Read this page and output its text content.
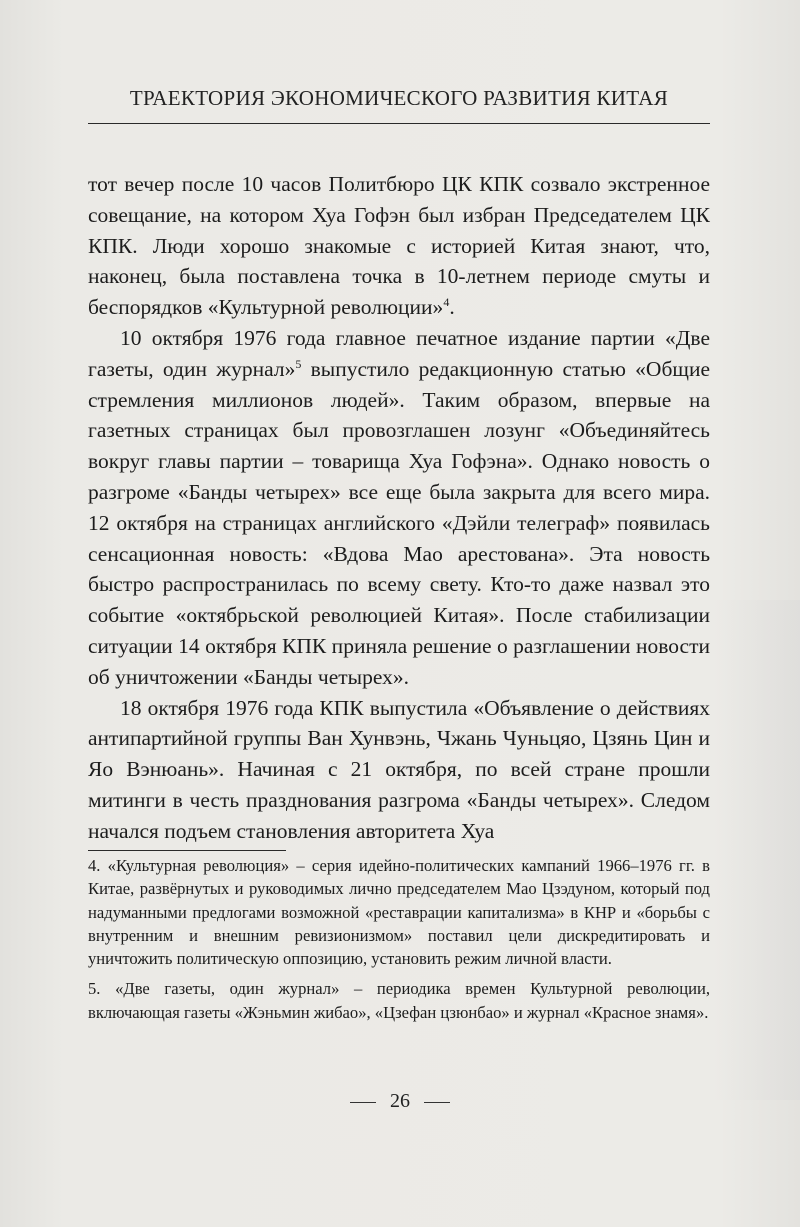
ТРАЕКТОРИЯ ЭКОНОМИЧЕСКОГО РАЗВИТИЯ КИТАЯ

тот вечер после 10 часов Политбюро ЦК КПК созвало экстренное совещание, на котором Хуа Гофэн был избран Председателем ЦК КПК. Люди хорошо знакомые с историей Китая знают, что, наконец, была поставлена точка в 10-летнем периоде смуты и беспорядков «Культурной революции»$^4$.

10 октября 1976 года главное печатное издание партии «Две газеты, один журнал»$^5$ выпустило редакционную статью «Общие стремления миллионов людей». Таким образом, впервые на газетных страницах был провозглашен лозунг «Объединяйтесь вокруг главы партии – товарища Хуа Гофэна». Однако новость о разгроме «Банды четырех» все еще была закрыта для всего мира. 12 октября на страницах английского «Дэйли телеграф» появилась сенсационная новость: «Вдова Мао арестована». Эта новость быстро распространилась по всему свету. Кто-то даже назвал это событие «октябрьской революцией Китая». После стабилизации ситуации 14 октября КПК приняла решение о разглашении новости об уничтожении «Банды четырех».

18 октября 1976 года КПК выпустила «Объявление о действиях антипартийной группы Ван Хунвэнь, Чжань Чуньцяо, Цзянь Цин и Яо Вэнюань». Начиная с 21 октября, по всей стране прошли митинги в честь празднования разгрома «Банды четырех». Следом начался подъем становления авторитета Хуа

4. «Культурная революция» – серия идейно-политических кампаний 1966–1976 гг. в Китае, развёрнутых и руководимых лично председателем Мао Цзэдуном, который под надуманными предлогами возможной «реставрации капитализма» в КНР и «борьбы с внутренним и внешним ревизионизмом» поставил цели дискредитировать и уничтожить политическую оппозицию, установить режим личной власти.

5. «Две газеты, один журнал» – периодика времен Культурной революции, включающая газеты «Жэньмин жибао», «Цзефан цзюнбао» и журнал «Красное знамя».

26
